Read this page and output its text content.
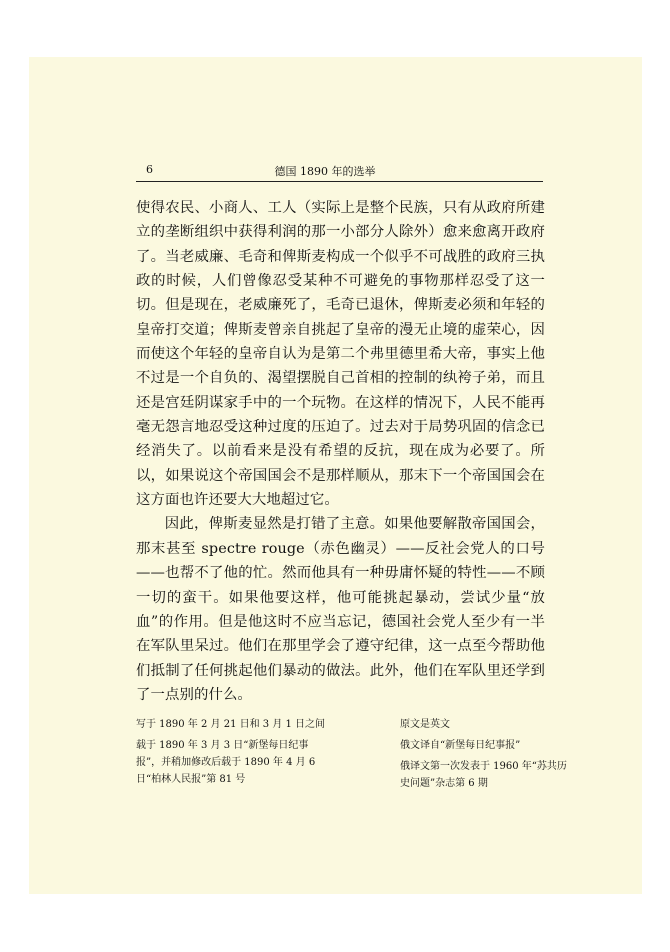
6	德国 1890 年的选举

使得农民、小商人、工人（实际上是整个民族，只有从政府所建立的垄断组织中获得利润的那一小部分人除外）愈来愈离开政府了。当老威廉、毛奇和俾斯麦构成一个似乎不可战胜的政府三执政的时候，人们曾像忍受某种不可避免的事物那样忍受了这一切。但是现在，老威廉死了，毛奇已退休，俾斯麦必须和年轻的皇帝打交道；俾斯麦曾亲自挑起了皇帝的漫无止境的虚荣心，因而使这个年轻的皇帝自认为是第二个弗里德里希大帝，事实上他不过是一个自负的、渴望摆脱自己首相的控制的纨袴子弟，而且还是宫廷阴谋家手中的一个玩物。在这样的情况下，人民不能再毫无怨言地忍受这种过度的压迫了。过去对于局势巩固的信念已经消失了。以前看来是没有希望的反抗，现在成为必要了。所以，如果说这个帝国国会不是那样顺从，那末下一个帝国国会在这方面也许还要大大地超过它。

因此，俾斯麦显然是打错了主意。如果他要解散帝国国会，那末甚至 spectre rouge（赤色幽灵）——反社会党人的口号——也帮不了他的忙。然而他具有一种毋庸怀疑的特性——不顾一切的蛮干。如果他要这样，他可能挑起暴动，尝试少量“放血”的作用。但是他这时不应当忘记，德国社会党人至少有一半在军队里呆过。他们在那里学会了遵守纪律，这一点至今帮助他们抵制了任何挑起他们暴动的做法。此外，他们在军队里还学到了一点别的什么。

写于 1890 年 2 月 21 日和 3 月 1 日之间
载于 1890 年 3 月 3 日“新堡每日纪事报”，并稍加修改后载于 1890 年 4 月 6 日“柏林人民报”第 81 号
原文是英文
俄文译自“新堡每日纪事报”
俄译文第一次发表于 1960 年“苏共历史问题”杂志第 6 期
